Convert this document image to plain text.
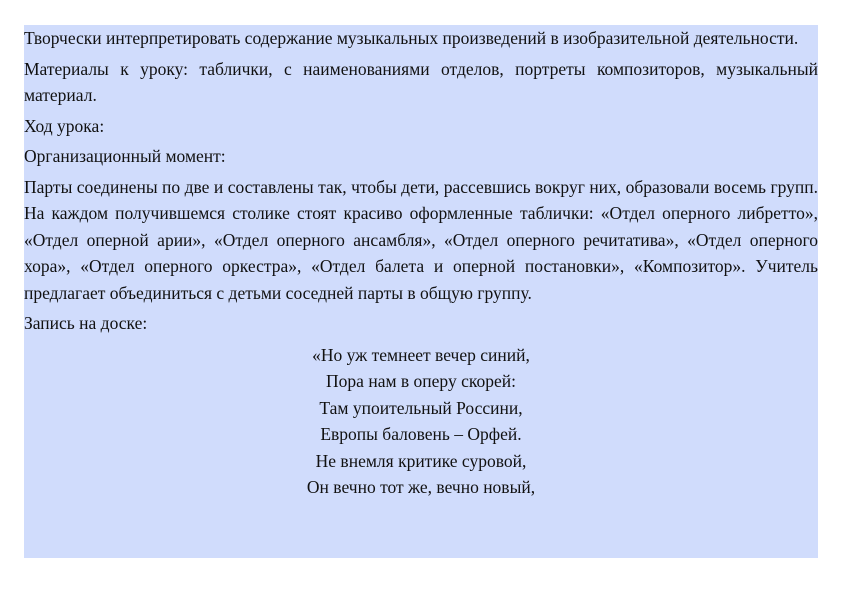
Творчески интерпретировать содержание музыкальных произведений в изобразительной деятельности.

Материалы к уроку: таблички, с наименованиями отделов, портреты композиторов, музыкальный материал.

Ход урока:

Организационный момент:

Парты соединены по две и составлены так, чтобы дети, рассевшись вокруг них, образовали восемь групп. На каждом получившемся столике стоят красиво оформленные таблички: «Отдел оперного либретто», «Отдел оперной арии», «Отдел оперного ансамбля», «Отдел оперного речитатива», «Отдел оперного хора», «Отдел оперного оркестра», «Отдел балета и оперной постановки», «Композитор». Учитель предлагает объединиться с детьми соседней парты в общую группу.

Запись на доске:

«Но уж темнеет вечер синий,

Пора нам в оперу скорей:

Там упоительный Россини,

Европы баловень – Орфей.

Не внемля критике суровой,

Он вечно тот же, вечно новый,
